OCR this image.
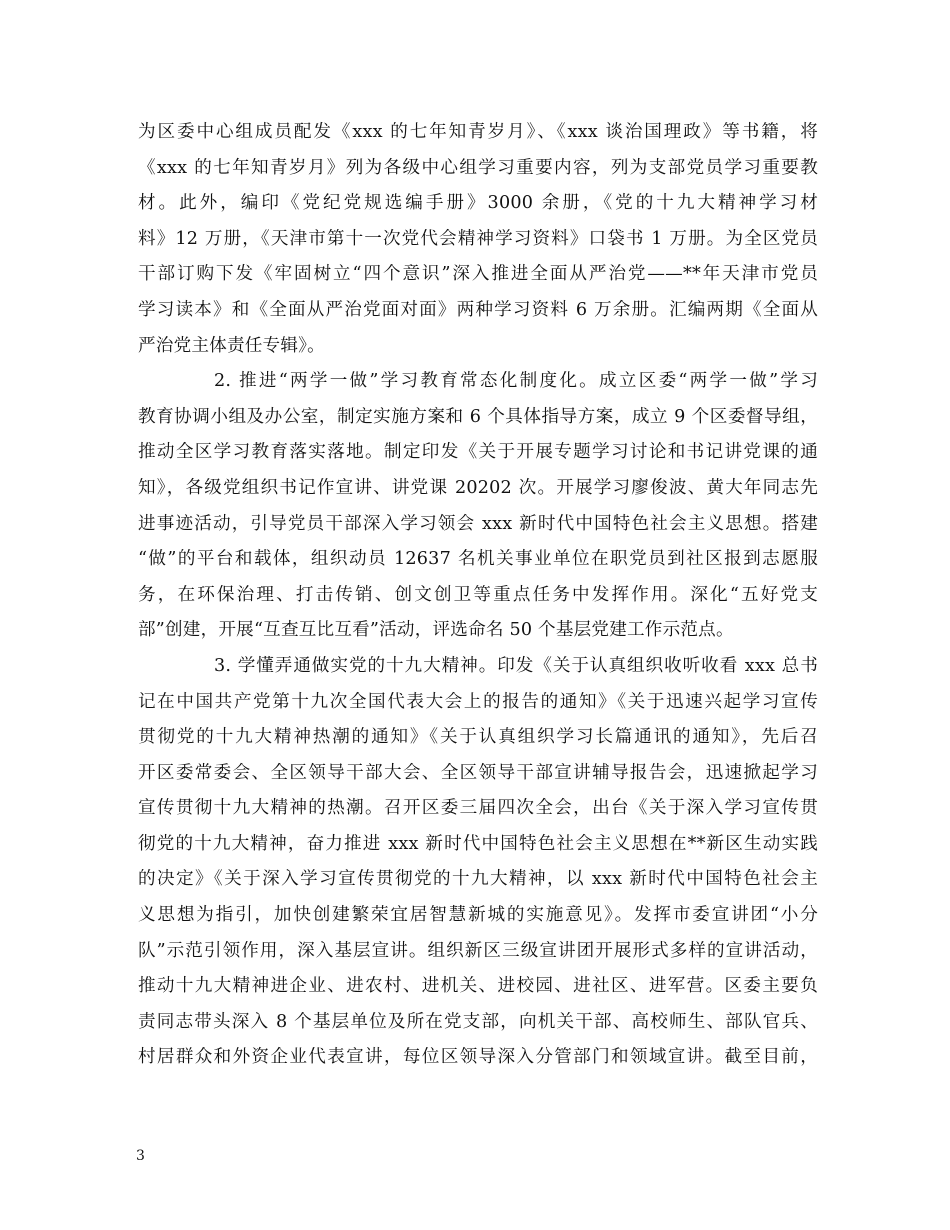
为区委中心组成员配发《xxx 的七年知青岁月》、《xxx 谈治国理政》等书籍，将
《xxx 的七年知青岁月》列为各级中心组学习重要内容，列为支部党员学习重要教
材。此外，编印《党纪党规选编手册》3000 余册，《党的十九大精神学习材
料》12 万册，《天津市第十一次党代会精神学习资料》口袋书 1 万册。为全区党员
干部订购下发《牢固树立“四个意识”深入推进全面从严治党——**年天津市党员
学习读本》和《全面从严治党面对面》两种学习资料 6 万余册。汇编两期《全面从
严治党主体责任专辑》。
2. 推进“两学一做”学习教育常态化制度化。成立区委“两学一做”学习
教育协调小组及办公室，制定实施方案和 6 个具体指导方案，成立 9 个区委督导组，
推动全区学习教育落实落地。制定印发《关于开展专题学习讨论和书记讲党课的通
知》，各级党组织书记作宣讲、讲党课 20202 次。开展学习廖俊波、黄大年同志先
进事迹活动，引导党员干部深入学习领会 xxx 新时代中国特色社会主义思想。搭建
“做”的平台和载体，组织动员 12637 名机关事业单位在职党员到社区报到志愿服
务，在环保治理、打击传销、创文创卫等重点任务中发挥作用。深化“五好党支
部”创建，开展“互查互比互看”活动，评选命名 50 个基层党建工作示范点。
3. 学懂弄通做实党的十九大精神。印发《关于认真组织收听收看 xxx 总书
记在中国共产党第十九次全国代表大会上的报告的通知》《关于迅速兴起学习宣传
贯彻党的十九大精神热潮的通知》《关于认真组织学习长篇通讯的通知》，先后召
开区委常委会、全区领导干部大会、全区领导干部宣讲辅导报告会，迅速掀起学习
宣传贯彻十九大精神的热潮。召开区委三届四次全会，出台《关于深入学习宣传贯
彻党的十九大精神，奋力推进 xxx 新时代中国特色社会主义思想在**新区生动实践
的决定》《关于深入学习宣传贯彻党的十九大精神，以 xxx 新时代中国特色社会主
义思想为指引，加快创建繁荣宜居智慧新城的实施意见》。发挥市委宣讲团“小分
队”示范引领作用，深入基层宣讲。组织新区三级宣讲团开展形式多样的宣讲活动，
推动十九大精神进企业、进农村、进机关、进校园、进社区、进军营。区委主要负
责同志带头深入 8 个基层单位及所在党支部，向机关干部、高校师生、部队官兵、
村居群众和外资企业代表宣讲，每位区领导深入分管部门和领域宣讲。截至目前，
3
